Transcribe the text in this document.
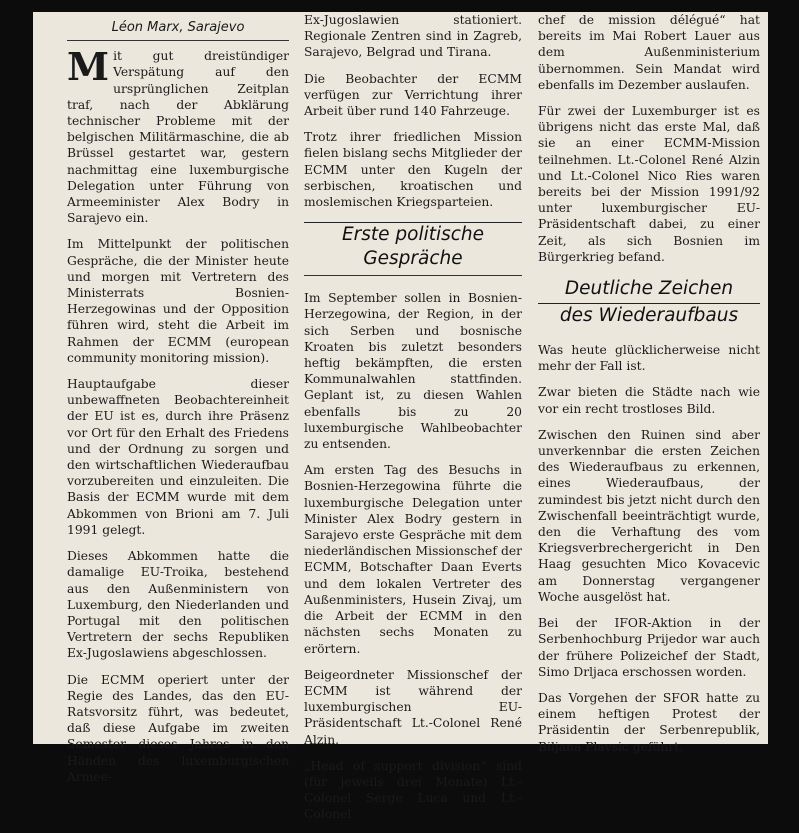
Léon Marx, Sarajevo

Mit gut dreistündiger Verspätung auf den ursprünglichen Zeitplan traf, nach der Abklärung technischer Probleme mit der belgischen Militärmaschine, die ab Brüssel gestartet war, gestern nachmittag eine luxemburgische Delegation unter Führung von Armeeminister Alex Bodry in Sarajevo ein.

Im Mittelpunkt der politischen Gespräche, die der Minister heute und morgen mit Vertretern des Ministerrats Bosnien-Herzegowinas und der Opposition führen wird, steht die Arbeit im Rahmen der ECMM (european community monitoring mission).

Hauptaufgabe dieser unbewaffneten Beobachtereinheit der EU ist es, durch ihre Präsenz vor Ort für den Erhalt des Friedens und der Ordnung zu sorgen und den wirtschaftlichen Wiederaufbau vorzubereiten und einzuleiten. Die Basis der ECMM wurde mit dem Abkommen von Brioni am 7. Juli 1991 gelegt.

Dieses Abkommen hatte die damalige EU-Troika, bestehend aus den Außenministern von Luxemburg, den Niederlanden und Portugal mit den politischen Vertretern der sechs Republiken Ex-Jugoslawiens abgeschlossen.

Die ECMM operiert unter der Regie des Landes, das den EU-Ratsvorsitz führt, was bedeutet, daß diese Aufgabe im zweiten Semester dieses Jahres in den Händen des luxemburgischen Armee-

Ex-Jugoslawien stationiert. Regionale Zentren sind in Zagreb, Sarajevo, Belgrad und Tirana.

Die Beobachter der ECMM verfügen zur Verrichtung ihrer Arbeit über rund 140 Fahrzeuge.

Trotz ihrer friedlichen Mission fielen bislang sechs Mitglieder der ECMM unter den Kugeln der serbischen, kroatischen und moslemischen Kriegsparteien.

Erste politische
Gespräche

Im September sollen in Bosnien-Herzegowina, der Region, in der sich Serben und bosnische Kroaten bis zuletzt besonders heftig bekämpften, die ersten Kommunalwahlen stattfinden. Geplant ist, zu diesen Wahlen ebenfalls bis zu 20 luxemburgische Wahlbeobachter zu entsenden.

Am ersten Tag des Besuchs in Bosnien-Herzegowina führte die luxemburgische Delegation unter Minister Alex Bodry gestern in Sarajevo erste Gespräche mit dem niederländischen Missionschef der ECMM, Botschafter Daan Everts und dem lokalen Vertreter des Außenministers, Husein Zivaj, um die Arbeit der ECMM in den nächsten sechs Monaten zu erörtern.

Beigeordneter Missionschef der ECMM ist während der luxemburgischen EU-Präsidentschaft Lt.-Colonel René Alzin.

„Head of support division“ sind (für jeweils drei Monate) Lt.-Colonel Serge Luca und Lt.-Colonel

chef de mission délégué“ hat bereits im Mai Robert Lauer aus dem Außenministerium übernommen. Sein Mandat wird ebenfalls im Dezember auslaufen.

Für zwei der Luxemburger ist es übrigens nicht das erste Mal, daß sie an einer ECMM-Mission teilnehmen. Lt.-Colonel René Alzin und Lt.-Colonel Nico Ries waren bereits bei der Mission 1991/92 unter luxemburgischer EU-Präsidentschaft dabei, zu einer Zeit, als sich Bosnien im Bürgerkrieg befand.

Deutliche Zeichen
des Wiederaufbaus

Was heute glücklicherweise nicht mehr der Fall ist.

Zwar bieten die Städte nach wie vor ein recht trostloses Bild.

Zwischen den Ruinen sind aber unverkennbar die ersten Zeichen des Wiederaufbaus zu erkennen, eines Wiederaufbaus, der zumindest bis jetzt nicht durch den Zwischenfall beeinträchtigt wurde, den die Verhaftung des vom Kriegsverbrechergericht in Den Haag gesuchten Mico Kovacevic am Donnerstag vergangener Woche ausgelöst hat.

Bei der IFOR-Aktion in der Serbenhochburg Prijedor war auch der frühere Polizeichef der Stadt, Simo Drljaca erschossen worden.

Das Vorgehen der SFOR hatte zu einem heftigen Protest der Präsidentin der Serbenrepublik, Biljana Plavsic geführt.
